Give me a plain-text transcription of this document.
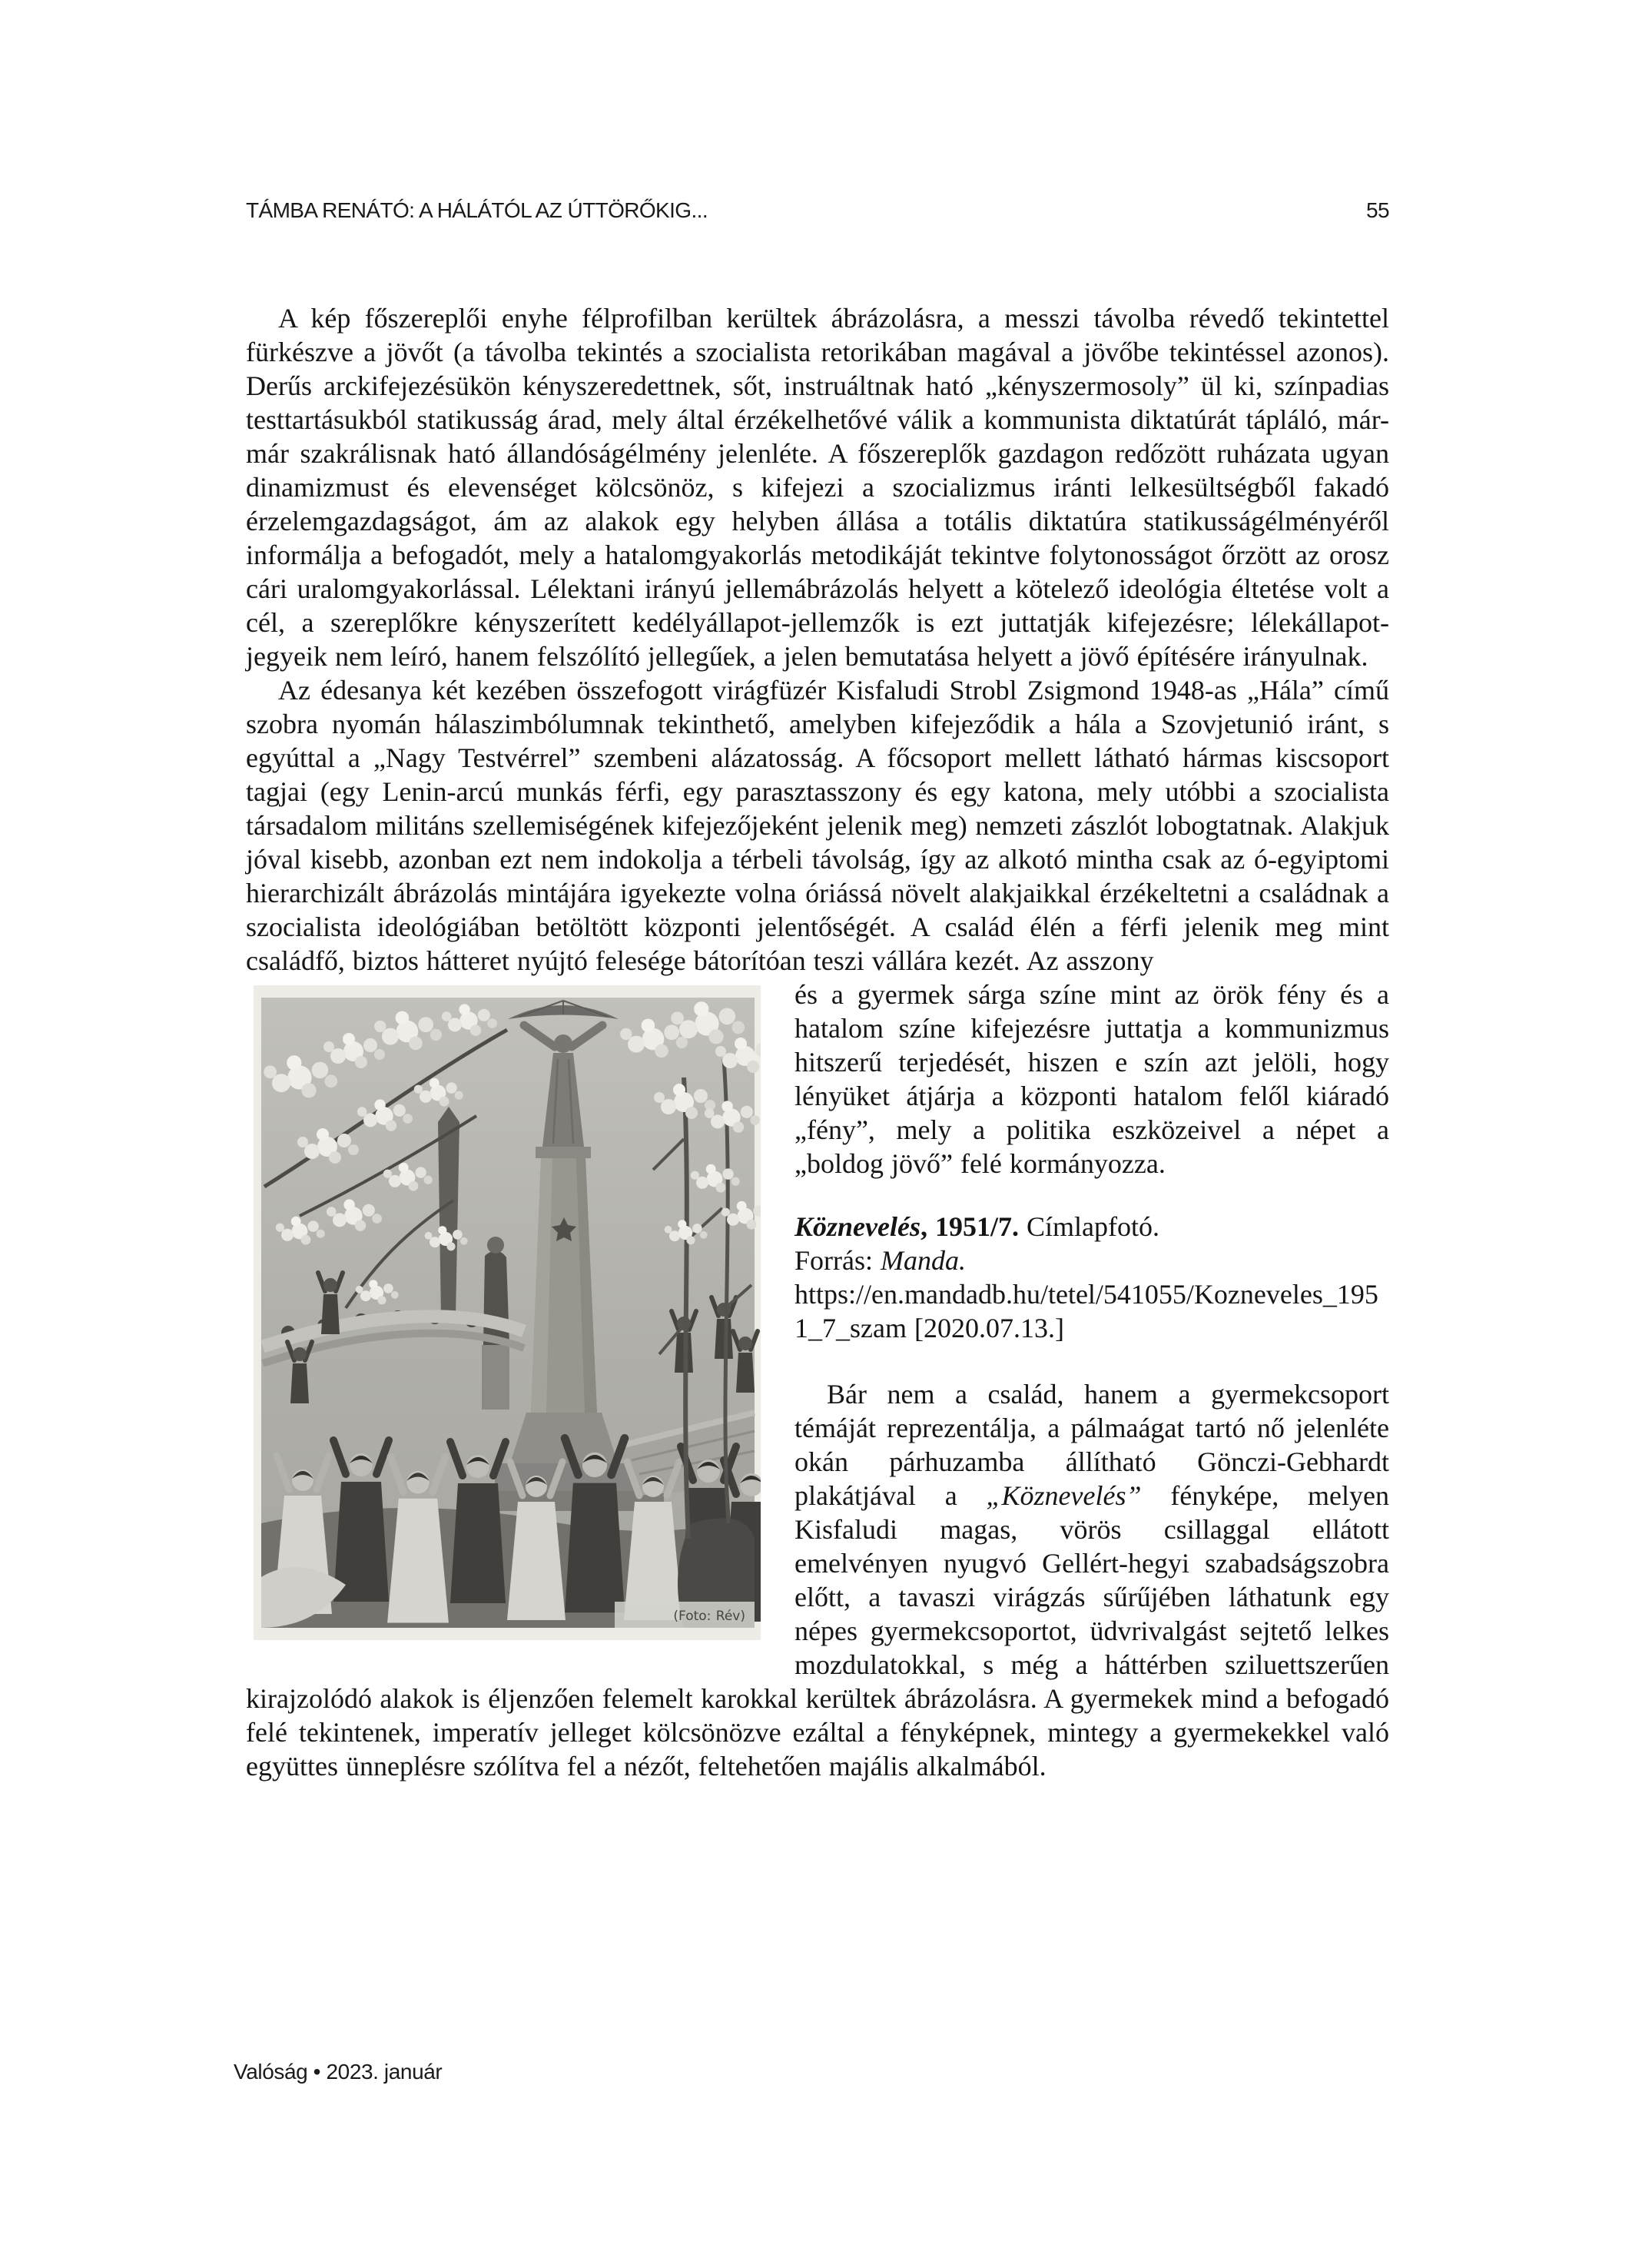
TÁMBA RENÁTÓ: A HÁLÁTÓL AZ ÚTTÖRŐKIG...	55

A kép főszereplői enyhe félprofilban kerültek ábrázolásra, a messzi távolba révedő tekintettel fürkészve a jövőt (a távolba tekintés a szocialista retorikában magával a jövőbe tekintéssel azonos). Derűs arckifejezésükön kényszeredettnek, sőt, instruáltnak ható „kényszermosoly” ül ki, színpadias testtartásukból statikusság árad, mely által érzékelhetővé válik a kommunista diktatúrát tápláló, már-már szakrálisnak ható állandóságélmény jelenléte. A főszereplők gazdagon redőzött ruházata ugyan dinamizmust és elevenséget kölcsönöz, s kifejezi a szocializmus iránti lelkesültségből fakadó érzelemgazdagságot, ám az alakok egy helyben állása a totális diktatúra statikusságélményéről informálja a befogadót, mely a hatalomgyakorlás metodikáját tekintve folytonosságot őrzött az orosz cári uralomgyakorlással. Lélektani irányú jellemábrázolás helyett a kötelező ideológia éltetése volt a cél, a szereplőkre kényszerített kedélyállapot-jellemzők is ezt juttatják kifejezésre; lélekállapot-jegyeik nem leíró, hanem felszólító jellegűek, a jelen bemutatása helyett a jövő építésére irányulnak.

Az édesanya két kezében összefogott virágfüzér Kisfaludi Strobl Zsigmond 1948-as „Hála” című szobra nyomán hálaszimbólumnak tekinthető, amelyben kifejeződik a hála a Szovjetunió iránt, s egyúttal a „Nagy Testvérrel” szembeni alázatosság. A főcsoport mellett látható hármas kiscsoport tagjai (egy Lenin-arcú munkás férfi, egy parasztasszony és egy katona, mely utóbbi a szocialista társadalom militáns szellemiségének kifejezőjeként jelenik meg) nemzeti zászlót lobogtatnak. Alakjuk jóval kisebb, azonban ezt nem indokolja a térbeli távolság, így az alkotó mintha csak az ó-egyiptomi hierarchizált ábrázolás mintájára igyekezte volna óriássá növelt alakjaikkal érzékeltetni a családnak a szocialista ideológiában betöltött központi jelentőségét. A család élén a férfi jelenik meg mint családfő, biztos hátteret nyújtó felesége bátorítóan teszi vállára kezét. Az asszony

(Foto: Rév)

és a gyermek sárga színe mint az örök fény és a hatalom színe kifejezésre juttatja a kommunizmus hitszerű terjedését, hiszen e szín azt jelöli, hogy lényüket átjárja a központi hatalom felől kiáradó „fény”, mely a politika eszközeivel a népet a „boldog jövő” felé kormányozza.

Köznevelés, 1951/7. Címlapfotó.
Forrás: Manda. https://en.mandadb.hu/tetel/541055/Kozneveles_1951_7_szam [2020.07.13.]

Bár nem a család, hanem a gyermekcsoport témáját reprezentálja, a pálmaágat tartó nő jelenléte okán párhuzamba állítható Gönczi-Gebhardt plakátjával a „Köznevelés” fényképe, melyen Kisfaludi magas, vörös csillaggal ellátott emelvényen nyugvó Gellért-hegyi szabadságszobra előtt, a tavaszi virágzás sűrűjében láthatunk egy népes gyermekcsoportot, üdvrivalgást sejtető lelkes mozdulatokkal, s még a háttérben sziluettszerűen kirajzolódó alakok is éljenzően felemelt karokkal kerültek ábrázolásra. A gyermekek mind a befogadó felé tekintenek, imperatív jelleget kölcsönözve ezáltal a fényképnek, mintegy a gyermekekkel való együttes ünneplésre szólítva fel a nézőt, feltehetően majális alkalmából.

Valóság • 2023. január
